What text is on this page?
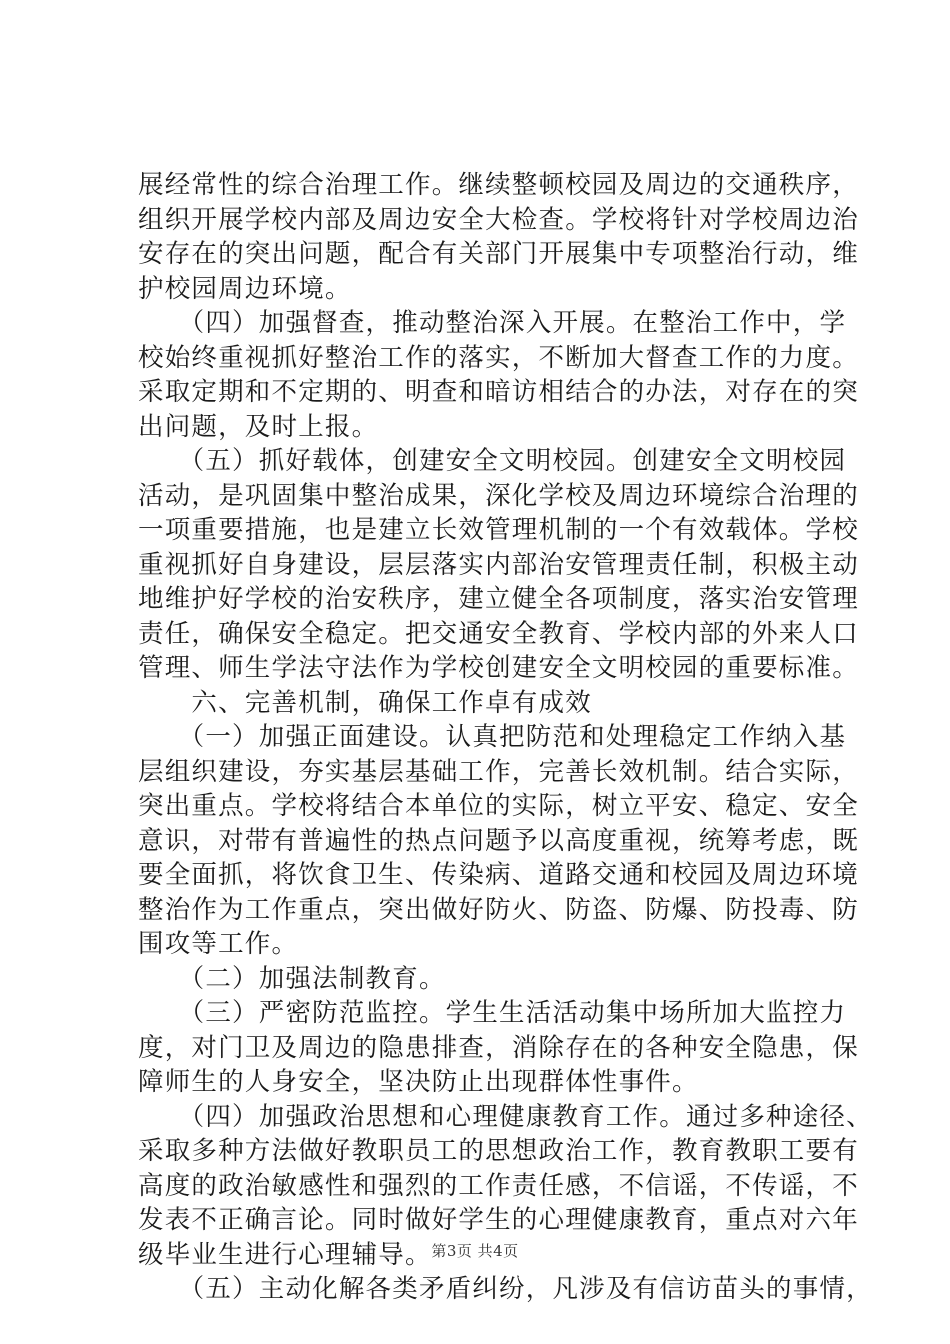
展经常性的综合治理工作。继续整顿校园及周边的交通秩序，
组织开展学校内部及周边安全大检查。学校将针对学校周边治
安存在的突出问题，配合有关部门开展集中专项整治行动，维
护校园周边环境。
　　（四）加强督查，推动整治深入开展。在整治工作中，学
校始终重视抓好整治工作的落实，不断加大督查工作的力度。
采取定期和不定期的、明查和暗访相结合的办法，对存在的突
出问题，及时上报。
　　（五）抓好载体，创建安全文明校园。创建安全文明校园
活动，是巩固集中整治成果，深化学校及周边环境综合治理的
一项重要措施，也是建立长效管理机制的一个有效载体。学校
重视抓好自身建设，层层落实内部治安管理责任制，积极主动
地维护好学校的治安秩序，建立健全各项制度，落实治安管理
责任，确保安全稳定。把交通安全教育、学校内部的外来人口
管理、师生学法守法作为学校创建安全文明校园的重要标准。
　　六、完善机制，确保工作卓有成效
　　（一）加强正面建设。认真把防范和处理稳定工作纳入基
层组织建设，夯实基层基础工作，完善长效机制。结合实际，
突出重点。学校将结合本单位的实际，树立平安、稳定、安全
意识，对带有普遍性的热点问题予以高度重视，统筹考虑，既
要全面抓，将饮食卫生、传染病、道路交通和校园及周边环境
整治作为工作重点，突出做好防火、防盗、防爆、防投毒、防
围攻等工作。
　　（二）加强法制教育。
　　（三）严密防范监控。学生生活活动集中场所加大监控力
度，对门卫及周边的隐患排查，消除存在的各种安全隐患，保
障师生的人身安全，坚决防止出现群体性事件。
　　（四）加强政治思想和心理健康教育工作。通过多种途径、
采取多种方法做好教职员工的思想政治工作，教育教职工要有
高度的政治敏感性和强烈的工作责任感，不信谣，不传谣，不
发表不正确言论。同时做好学生的心理健康教育，重点对六年
级毕业生进行心理辅导。
　　（五）主动化解各类矛盾纠纷，凡涉及有信访苗头的事情，
第3页 共4页
